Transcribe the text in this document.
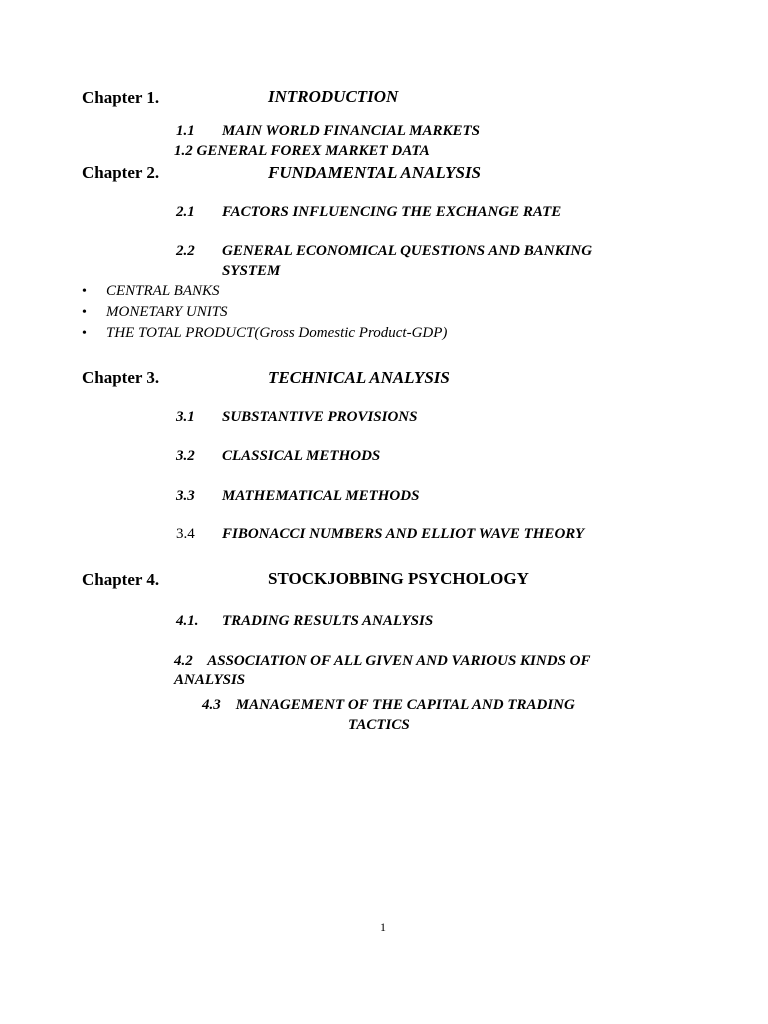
Chapter 1.	INTRODUCTION
1.1 MAIN WORLD FINANCIAL MARKETS
1.2 GENERAL FOREX MARKET DATA
Chapter 2.	FUNDAMENTAL ANALYSIS
2.1 FACTORS INFLUENCING THE EXCHANGE RATE
2.2 GENERAL ECONOMICAL QUESTIONS AND BANKING
SYSTEM
• CENTRAL BANKS
• MONETARY UNITS
• THE TOTAL PRODUCT(Gross Domestic Product-GDP)
Chapter 3.	TECHNICAL ANALYSIS
3.1 SUBSTANTIVE PROVISIONS
3.2 CLASSICAL METHODS
3.3 MATHEMATICAL METHODS
3.4 FIBONACCI NUMBERS AND ELLIOT WAVE THEORY
Chapter 4.	STOCKJOBBING PSYCHOLOGY
4.1. TRADING RESULTS ANALYSIS
4.2    ASSOCIATION OF ALL GIVEN AND VARIOUS KINDS OF
ANALYSIS
4.3    MANAGEMENT OF THE CAPITAL AND TRADING
TACTICS
1
